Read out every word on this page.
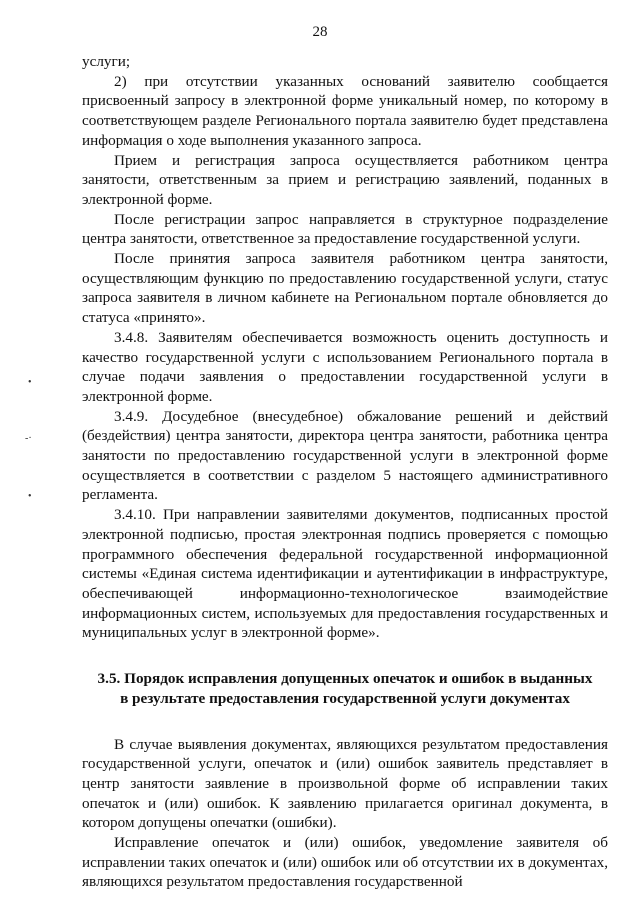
28

услуги;

2) при отсутствии указанных оснований заявителю сообщается присвоенный запросу в электронной форме уникальный номер, по которому в соответствующем разделе Регионального портала заявителю будет представлена информация о ходе выполнения указанного запроса.

Прием и регистрация запроса осуществляется работником центра занятости, ответственным за прием и регистрацию заявлений, поданных в электронной форме.

После регистрации запрос направляется в структурное подразделение центра занятости, ответственное за предоставление государственной услуги.

После принятия запроса заявителя работником центра занятости, осуществляющим функцию по предоставлению государственной услуги, статус запроса заявителя в личном кабинете на Региональном портале обновляется до статуса «принято».

3.4.8. Заявителям обеспечивается возможность оценить доступность и качество государственной услуги с использованием Регионального портала в случае подачи заявления о предоставлении государственной услуги в электронной форме.

3.4.9. Досудебное (внесудебное) обжалование решений и действий (бездействия) центра занятости, директора центра занятости, работника центра занятости по предоставлению государственной услуги в электронной форме осуществляется в соответствии с разделом 5 настоящего административного регламента.

3.4.10. При направлении заявителями документов, подписанных простой электронной подписью, простая электронная подпись проверяется с помощью программного обеспечения федеральной государственной информационной системы «Единая система идентификации и аутентификации в инфраструктуре, обеспечивающей информационно-технологическое взаимодействие информационных систем, используемых для предоставления государственных и муниципальных услуг в электронной форме».

3.5. Порядок исправления допущенных опечаток и ошибок в выданных в результате предоставления государственной услуги документах

В случае выявления документах, являющихся результатом предоставления государственной услуги, опечаток и (или) ошибок заявитель представляет в центр занятости заявление в произвольной форме об исправлении таких опечаток и (или) ошибок. К заявлению прилагается оригинал документа, в котором допущены опечатки (ошибки).

Исправление опечаток и (или) ошибок, уведомление заявителя об исправлении таких опечаток и (или) ошибок или об отсутствии их в документах, являющихся результатом предоставления государственной

•
-·
•
